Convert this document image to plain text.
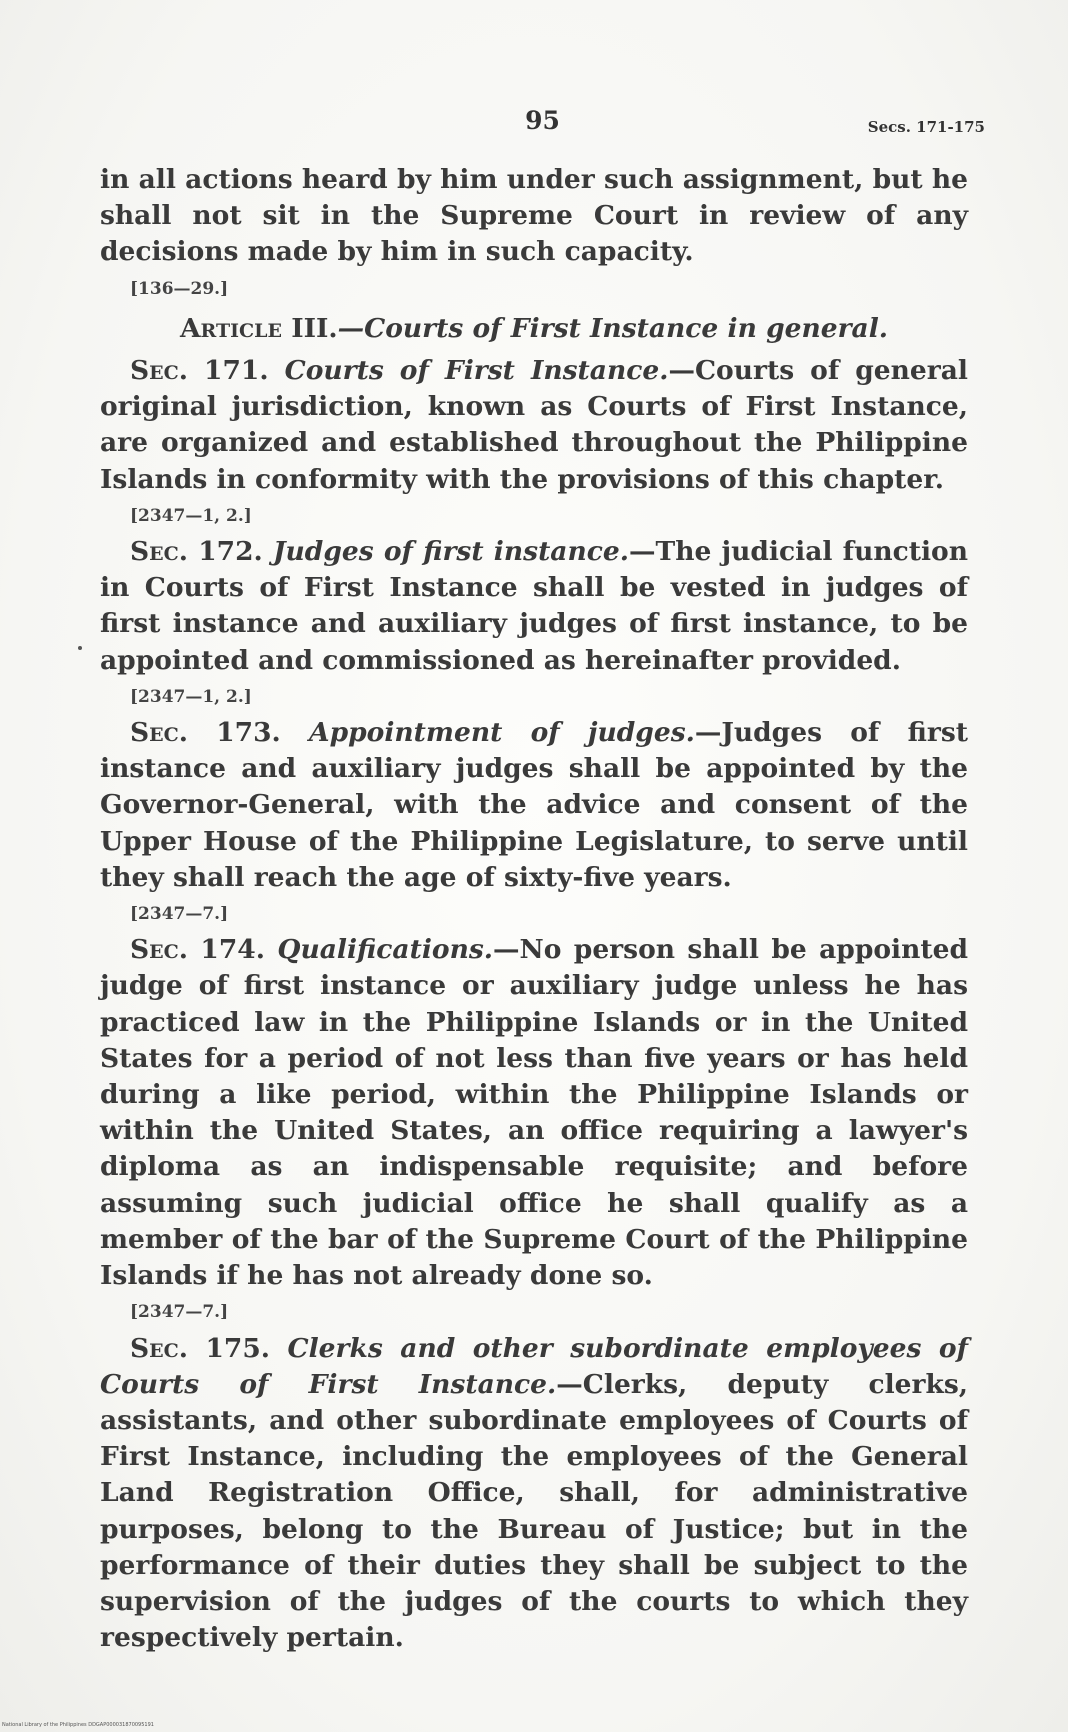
95	Secs. 171-175

in all actions heard by him under such assignment, but he shall not sit in the Supreme Court in review of any decisions made by him in such capacity.

[136—29.]

Article III.—Courts of First Instance in general.

Sec. 171. Courts of First Instance.—Courts of general original jurisdiction, known as Courts of First Instance, are organized and established throughout the Philippine Islands in conformity with the provisions of this chapter.

[2347—1, 2.]

Sec. 172. Judges of first instance.—The judicial function in Courts of First Instance shall be vested in judges of first instance and auxiliary judges of first instance, to be appointed and commissioned as hereinafter provided.

[2347—1, 2.]

Sec. 173. Appointment of judges.—Judges of first instance and auxiliary judges shall be appointed by the Governor-General, with the advice and consent of the Upper House of the Philippine Legislature, to serve until they shall reach the age of sixty-five years.

[2347—7.]

Sec. 174. Qualifications.—No person shall be appointed judge of first instance or auxiliary judge unless he has practiced law in the Philippine Islands or in the United States for a period of not less than five years or has held during a like period, within the Philippine Islands or within the United States, an office requiring a lawyer's diploma as an indispensable requisite; and before assuming such judicial office he shall qualify as a member of the bar of the Supreme Court of the Philippine Islands if he has not already done so.

[2347—7.]

Sec. 175. Clerks and other subordinate employees of Courts of First Instance.—Clerks, deputy clerks, assistants, and other subordinate employees of Courts of First Instance, including the employees of the General Land Registration Office, shall, for administrative purposes, belong to the Bureau of Justice; but in the performance of their duties they shall be subject to the supervision of the judges of the courts to which they respectively pertain.

National Library of the Philippines DDGAP000031870095191
